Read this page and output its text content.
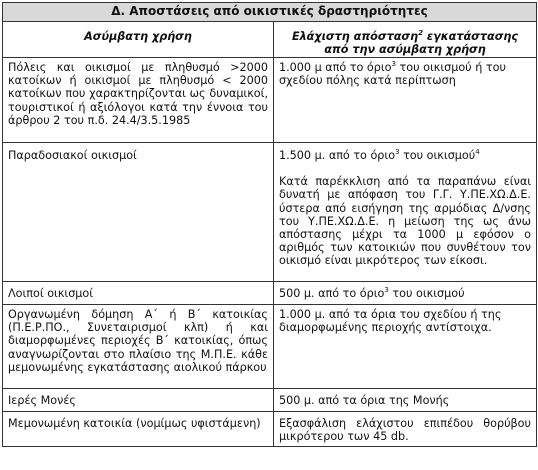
Δ. Αποστάσεις από οικιστικές δραστηριότητες	
Ασύμβατη χρήση	Ελάχιστη απόσταση$^2$ εγκατάστασης από την ασύμβατη χρήση

Πόλεις και οικισμοί με πληθυσμό >2000 κατοίκων ή οικισμοί με πληθυσμό < 2000 κατοίκων που χαρακτηρίζονται ως δυναμικοί, τουριστικοί ή αξιόλογοι κατά την έννοια του άρθρου 2 του π.δ. 24.4/3.5.1985	1.000 μ από το όριο$^3$ του οικισμού ή του σχεδίου πόλης κατά περίπτωση

Παραδοσιακοί οικισμοί	1.500 μ. από το όριο$^3$ του οικισμού$^4$

Κατά παρέκκλιση από τα παραπάνω είναι δυνατή με απόφαση του Γ.Γ. Υ.ΠΕ.ΧΩ.Δ.Ε. ύστερα από εισήγηση της αρμόδιας Δ/νσης του Υ.ΠΕ.ΧΩ.Δ.Ε. η μείωση της ως άνω απόστασης μέχρι τα 1000 μ εφόσον ο αριθμός των κατοικιών που συνθέτουν τον οικισμό είναι μικρότερος των είκοσι.

Λοιποί οικισμοί	500 μ. από το όριο$^3$ του οικισμού

Οργανωμένη δόμηση Α΄ ή Β΄ κατοικίας (Π.Ε.Ρ.ΠΟ., Συνεταιρισμοί κλπ) ή και διαμορφωμένες περιοχές Β΄ κατοικίας, όπως αναγνωρίζονται στο πλαίσιο της Μ.Π.Ε. κάθε μεμονωμένης εγκατάστασης αιολικού πάρκου	1.000 μ. από τα όρια του σχεδίου ή της διαμορφωμένης περιοχής αντίστοιχα.

Ιερές Μονές	500 μ. από τα όρια της Μονής

Μεμονωμένη κατοικία (νομίμως υφιστάμενη)	Εξασφάλιση ελάχιστου επιπέδου θορύβου μικρότερου των 45 db.
